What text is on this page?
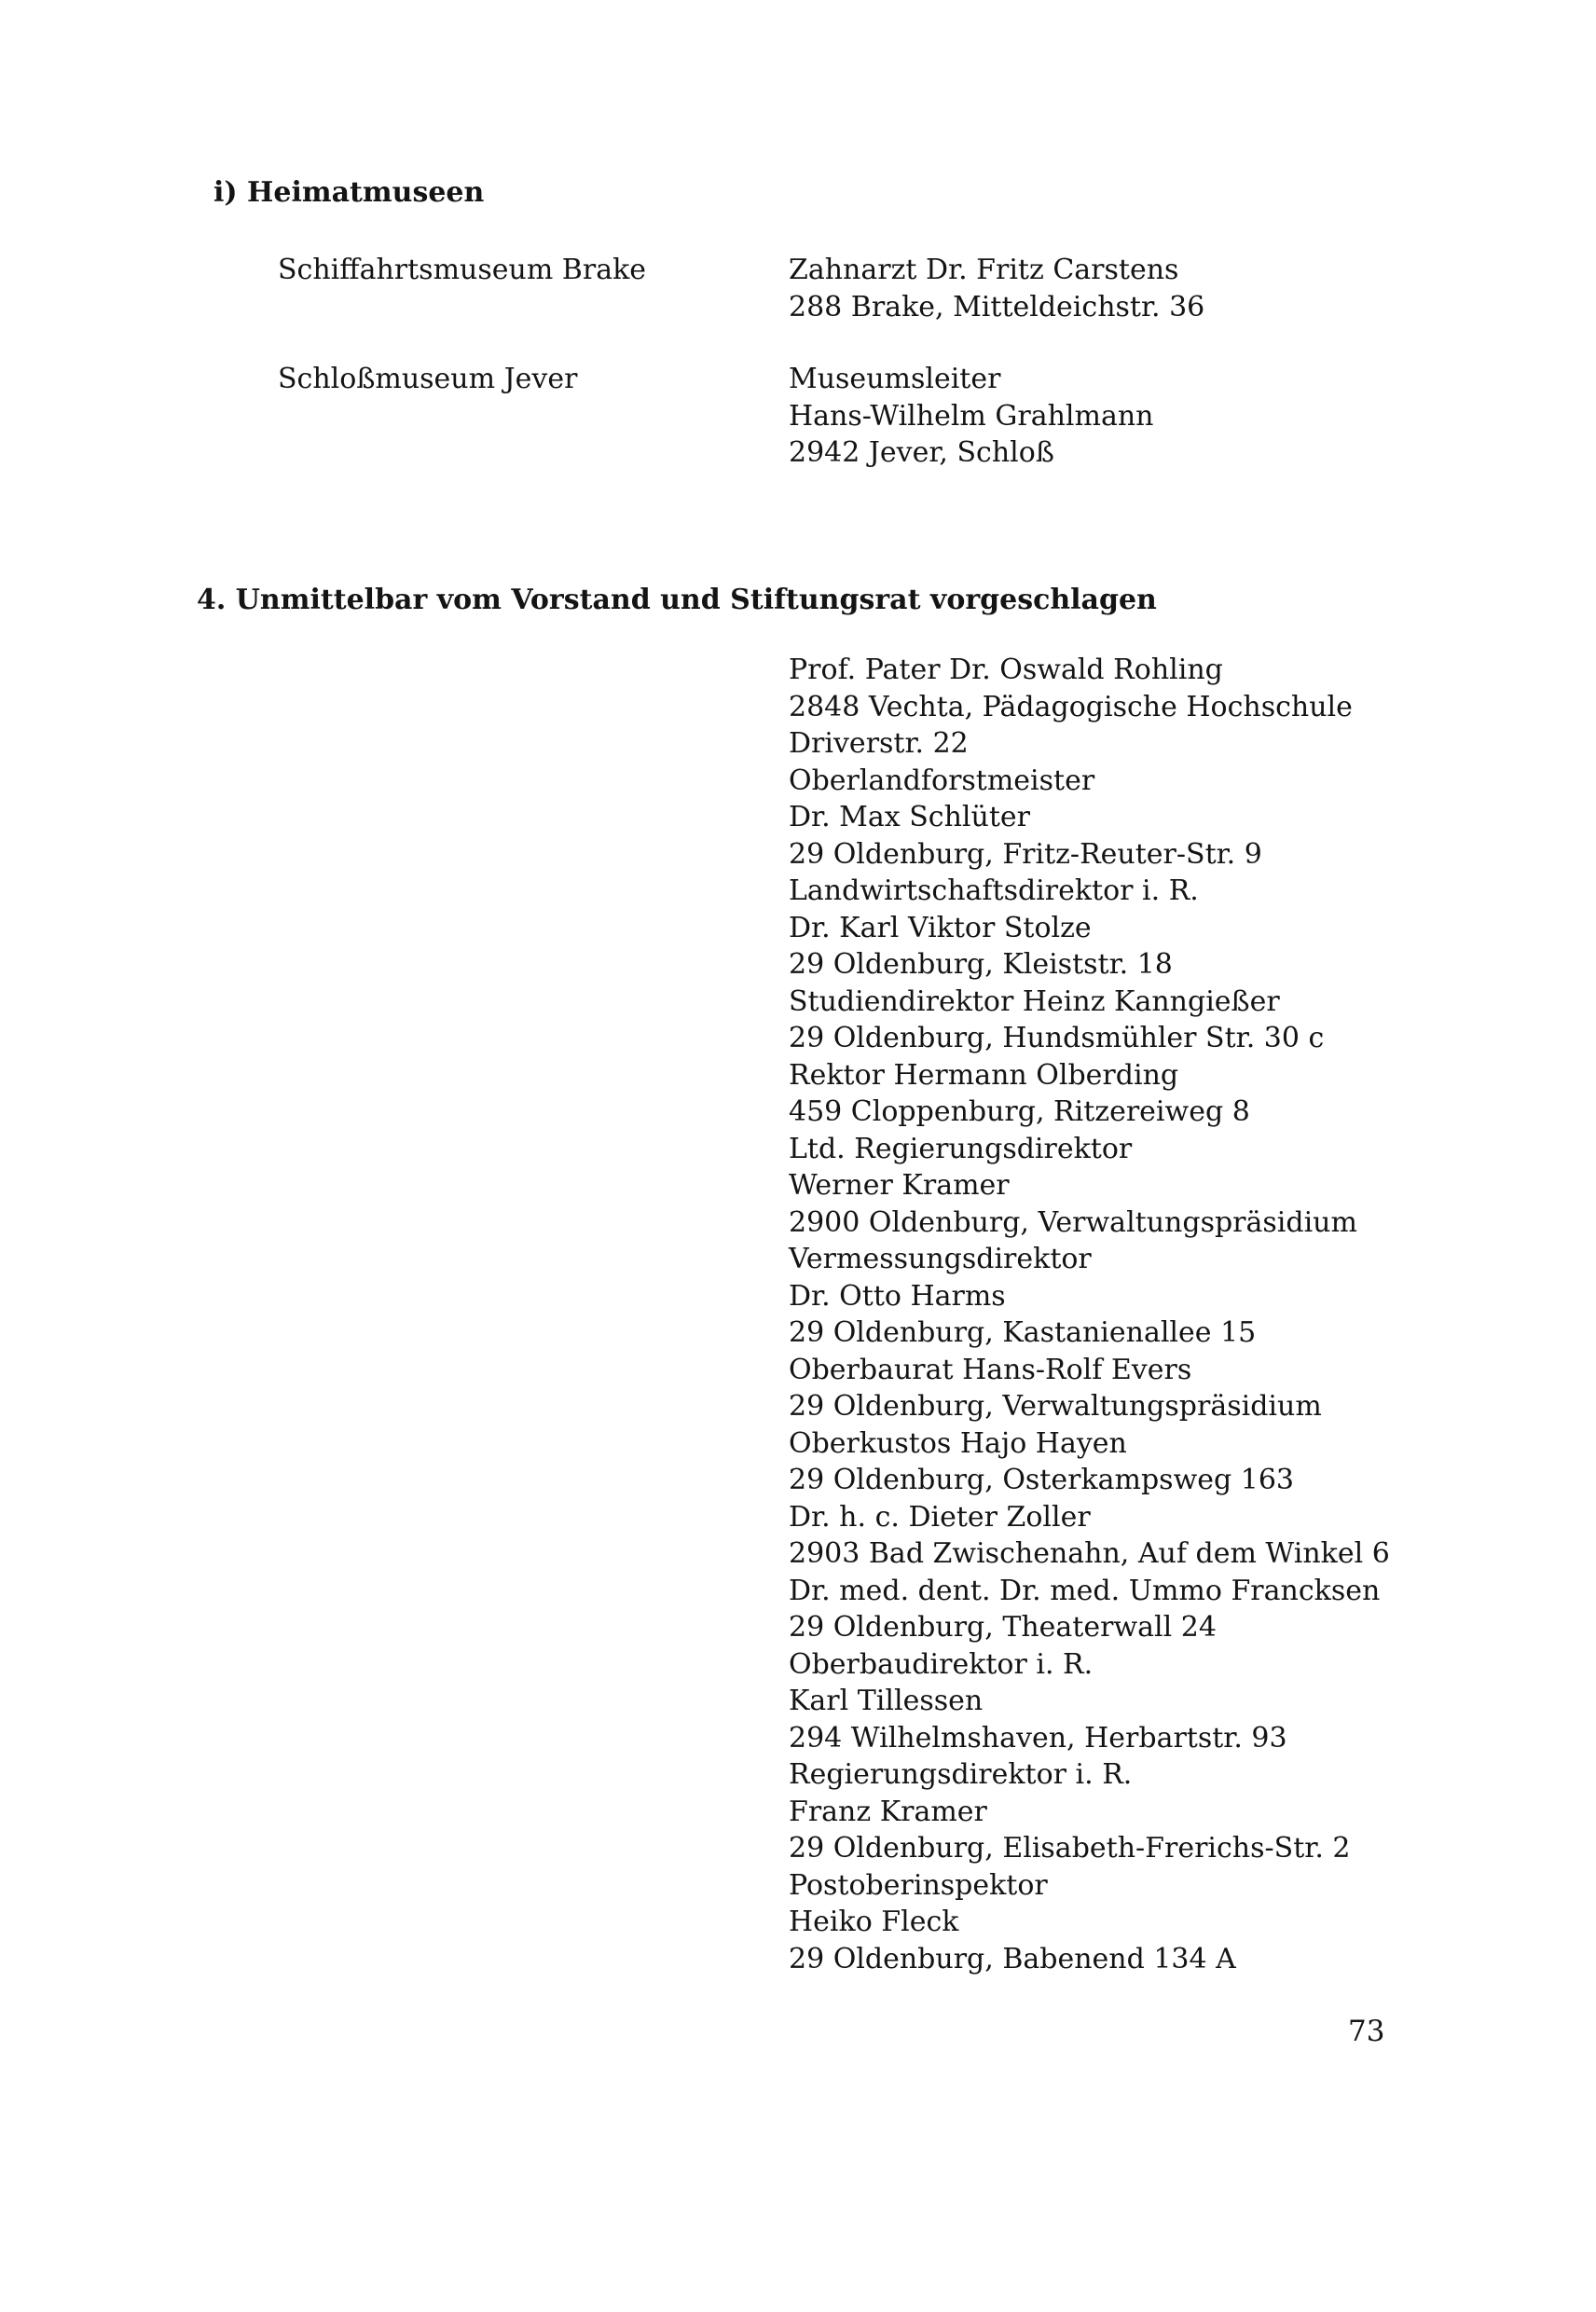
i) Heimatmuseen
Schiffahrtsmuseum Brake	Zahnarzt Dr. Fritz Carstens
288 Brake, Mitteldeichstr. 36
Schloßmuseum Jever	Museumsleiter
Hans-Wilhelm Grahlmann
2942 Jever, Schloß
4. Unmittelbar vom Vorstand und Stiftungsrat vorgeschlagen
Prof. Pater Dr. Oswald Rohling
2848 Vechta, Pädagogische Hochschule
Driverstr. 22
Oberlandforstmeister
Dr. Max Schlüter
29 Oldenburg, Fritz-Reuter-Str. 9
Landwirtschaftsdirektor i. R.
Dr. Karl Viktor Stolze
29 Oldenburg, Kleiststr. 18
Studiendirektor Heinz Kanngießer
29 Oldenburg, Hundsmühler Str. 30 c
Rektor Hermann Olberding
459 Cloppenburg, Ritzereiweg 8
Ltd. Regierungsdirektor
Werner Kramer
2900 Oldenburg, Verwaltungspräsidium
Vermessungsdirektor
Dr. Otto Harms
29 Oldenburg, Kastanienallee 15
Oberbaurat Hans-Rolf Evers
29 Oldenburg, Verwaltungspräsidium
Oberkustos Hajo Hayen
29 Oldenburg, Osterkampsweg 163
Dr. h. c. Dieter Zoller
2903 Bad Zwischenahn, Auf dem Winkel 6
Dr. med. dent. Dr. med. Ummo Francksen
29 Oldenburg, Theaterwall 24
Oberbaudirektor i. R.
Karl Tillessen
294 Wilhelmshaven, Herbartstr. 93
Regierungsdirektor i. R.
Franz Kramer
29 Oldenburg, Elisabeth-Frerichs-Str. 2
Postoberinspektor
Heiko Fleck
29 Oldenburg, Babenend 134 A
73
